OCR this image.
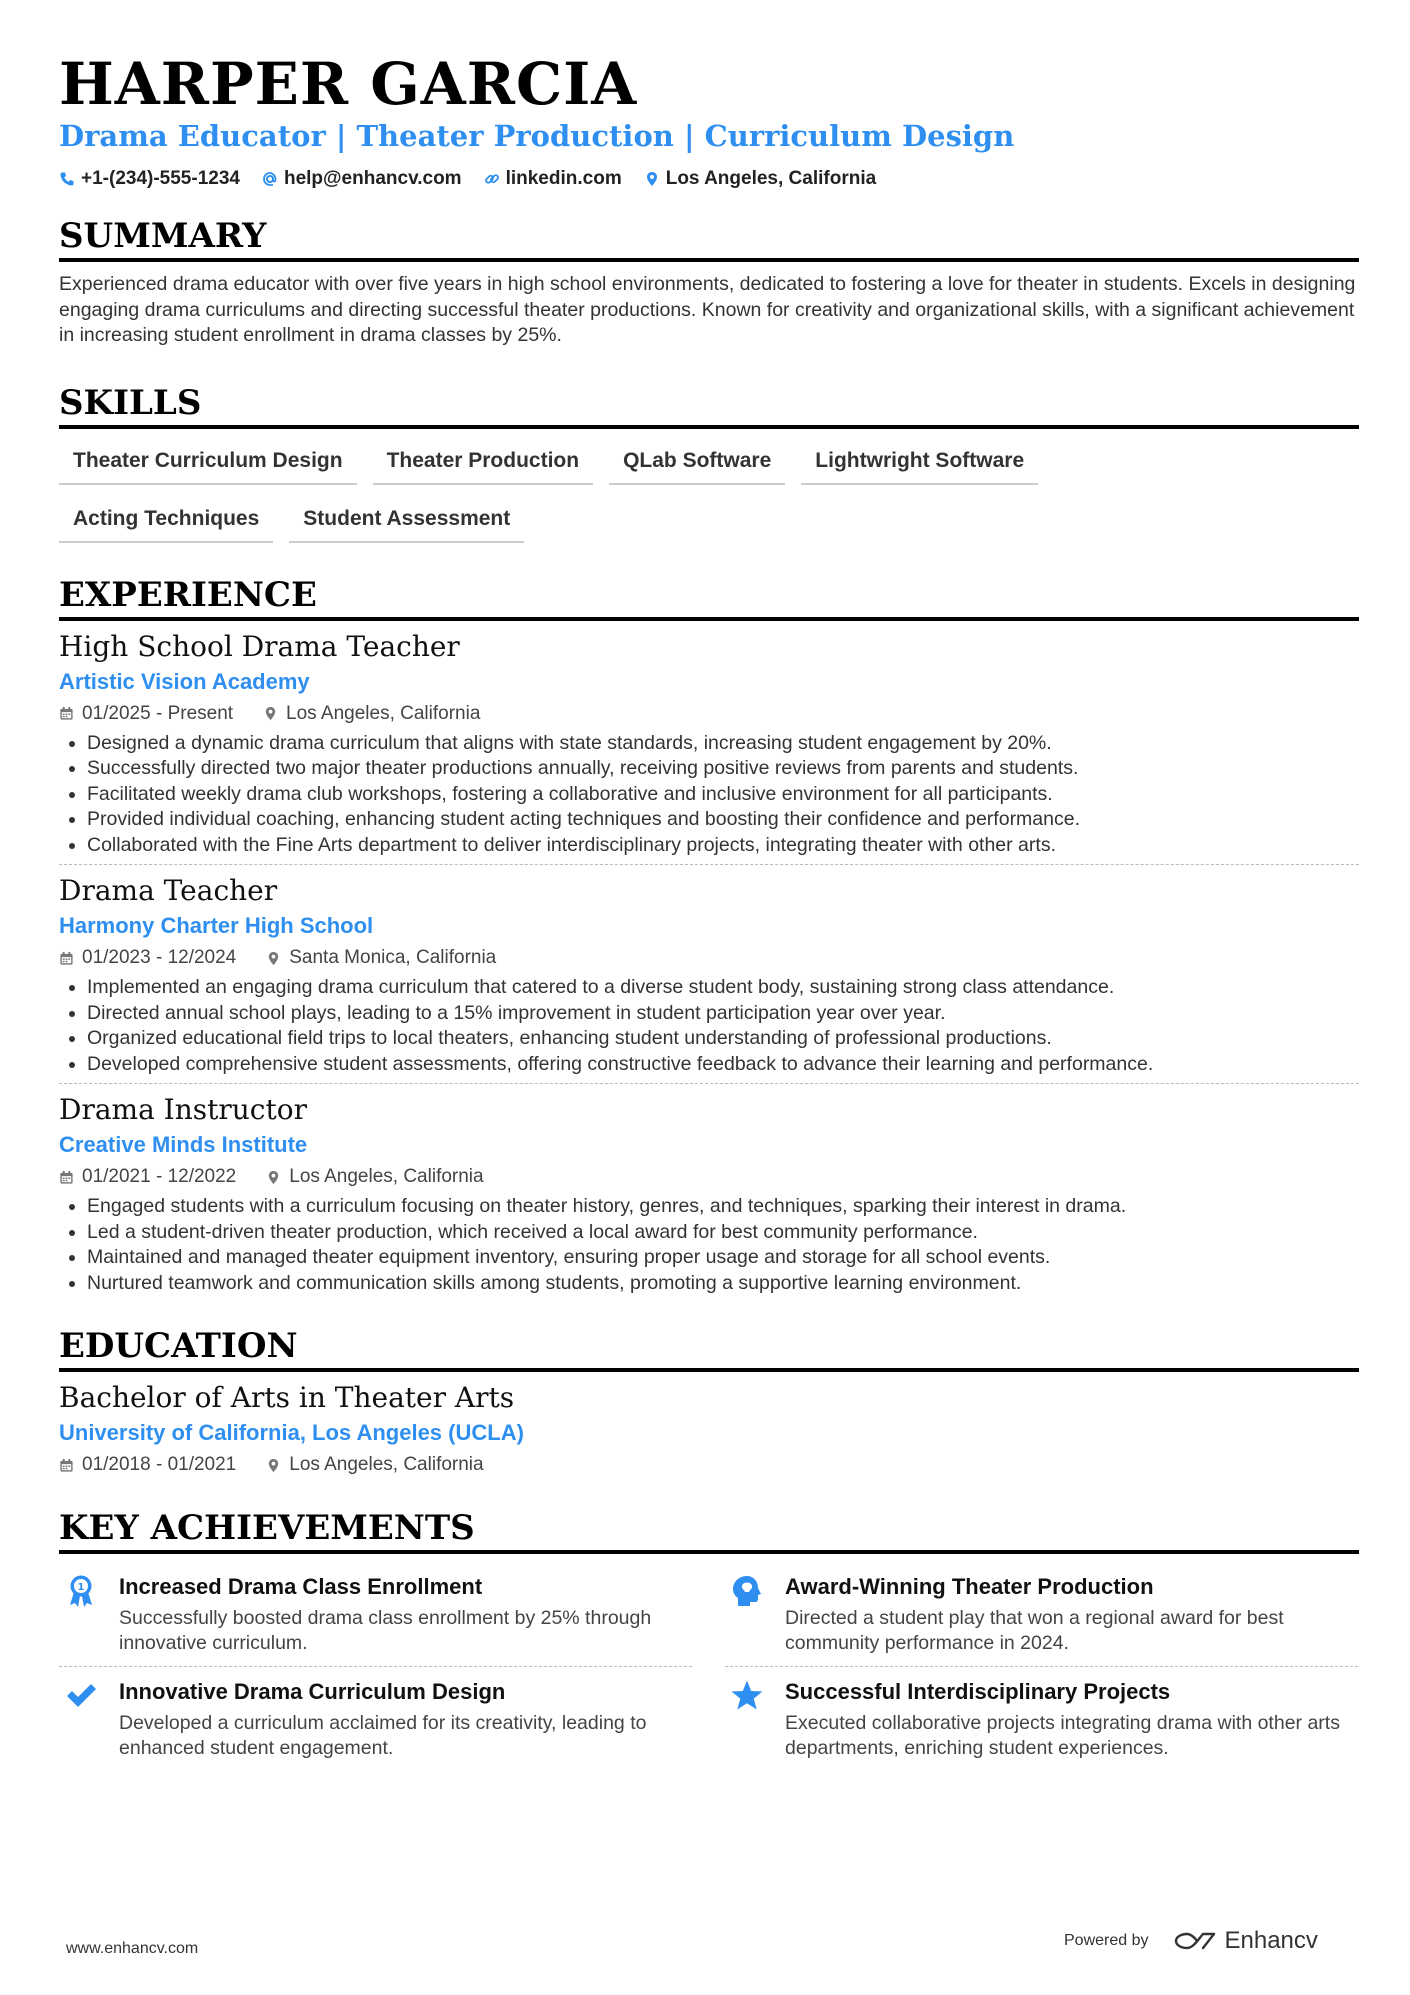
HARPER GARCIA
Drama Educator | Theater Production | Curriculum Design
+1-(234)-555-1234 help@enhancv.com linkedin.com Los Angeles, California
SUMMARY
Experienced drama educator with over five years in high school environments, dedicated to fostering a love for theater in students. Excels in designing engaging drama curriculums and directing successful theater productions. Known for creativity and organizational skills, with a significant achievement in increasing student enrollment in drama classes by 25%.
SKILLS
Theater Curriculum Design	Theater Production	QLab Software	Lightwright Software
Acting Techniques	Student Assessment
EXPERIENCE
High School Drama Teacher
Artistic Vision Academy
01/2025 - Present	Los Angeles, California
• Designed a dynamic drama curriculum that aligns with state standards, increasing student engagement by 20%.
• Successfully directed two major theater productions annually, receiving positive reviews from parents and students.
• Facilitated weekly drama club workshops, fostering a collaborative and inclusive environment for all participants.
• Provided individual coaching, enhancing student acting techniques and boosting their confidence and performance.
• Collaborated with the Fine Arts department to deliver interdisciplinary projects, integrating theater with other arts.
Drama Teacher
Harmony Charter High School
01/2023 - 12/2024	Santa Monica, California
• Implemented an engaging drama curriculum that catered to a diverse student body, sustaining strong class attendance.
• Directed annual school plays, leading to a 15% improvement in student participation year over year.
• Organized educational field trips to local theaters, enhancing student understanding of professional productions.
• Developed comprehensive student assessments, offering constructive feedback to advance their learning and performance.
Drama Instructor
Creative Minds Institute
01/2021 - 12/2022	Los Angeles, California
• Engaged students with a curriculum focusing on theater history, genres, and techniques, sparking their interest in drama.
• Led a student-driven theater production, which received a local award for best community performance.
• Maintained and managed theater equipment inventory, ensuring proper usage and storage for all school events.
• Nurtured teamwork and communication skills among students, promoting a supportive learning environment.
EDUCATION
Bachelor of Arts in Theater Arts
University of California, Los Angeles (UCLA)
01/2018 - 01/2021	Los Angeles, California
KEY ACHIEVEMENTS
1 Increased Drama Class Enrollment
Successfully boosted drama class enrollment by 25% through innovative curriculum.
Award-Winning Theater Production
Directed a student play that won a regional award for best community performance in 2024.
Innovative Drama Curriculum Design
Developed a curriculum acclaimed for its creativity, leading to enhanced student engagement.
Successful Interdisciplinary Projects
Executed collaborative projects integrating drama with other arts departments, enriching student experiences.
www.enhancv.com	Powered by	Enhancv
